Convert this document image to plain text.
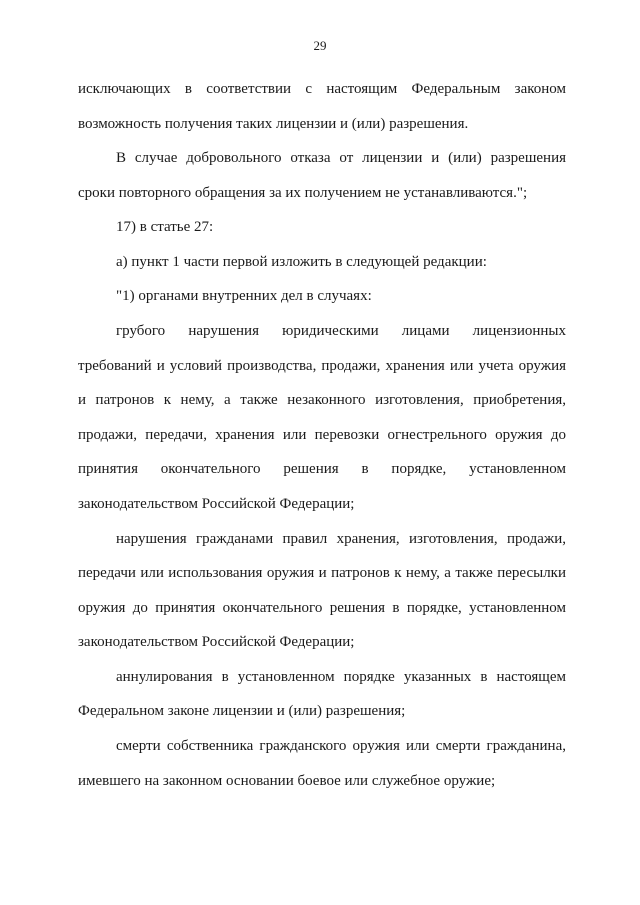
29
исключающих в соответствии с настоящим Федеральным законом
возможность получения таких лицензии и (или) разрешения.
В случае добровольного отказа от лицензии и (или) разрешения
сроки повторного обращения за их получением не устанавливаются.";
17) в статье 27:
а) пункт 1 части первой изложить в следующей редакции:
"1) органами внутренних дел в случаях:
грубого нарушения юридическими лицами лицензионных
требований и условий производства, продажи, хранения или учета оружия
и патронов к нему, а также незаконного изготовления, приобретения,
продажи, передачи, хранения или перевозки огнестрельного оружия до
принятия окончательного решения в порядке, установленном
законодательством Российской Федерации;
нарушения гражданами правил хранения, изготовления, продажи,
передачи или использования оружия и патронов к нему, а также пересылки
оружия до принятия окончательного решения в порядке, установленном
законодательством Российской Федерации;
аннулирования в установленном порядке указанных в настоящем
Федеральном законе лицензии и (или) разрешения;
смерти собственника гражданского оружия или смерти гражданина,
имевшего на законном основании боевое или служебное оружие;
